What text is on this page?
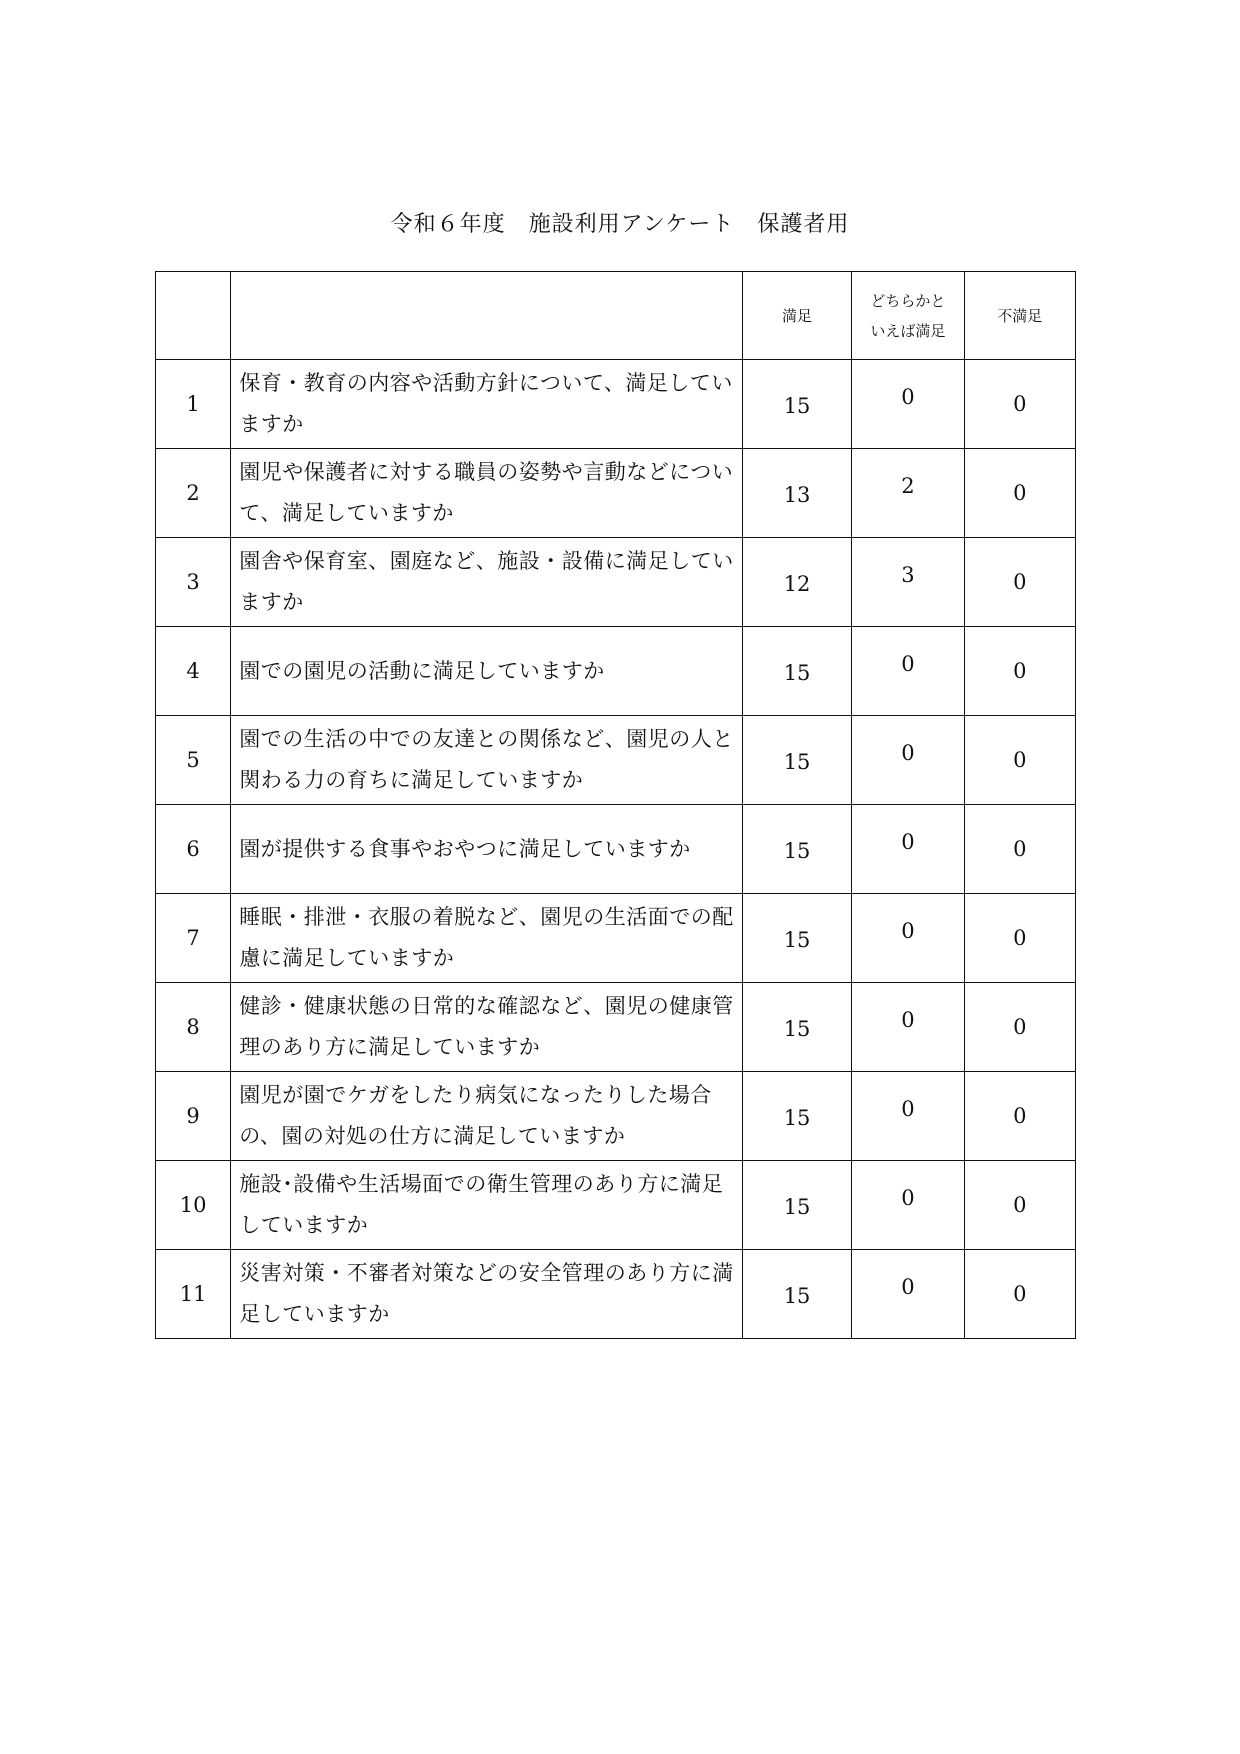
令和６年度　施設利用アンケート　保護者用
		満足	どちらかと
いえば満足	不満足
1	保育・教育の内容や活動方針について、満足していますか	15	0	0

2	園児や保護者に対する職員の姿勢や言動などについて、満足していますか	13	2	0

3	園舎や保育室、園庭など、施設・設備に満足していますか	12	3	0

4	園での園児の活動に満足していますか	15	0	0

5	園での生活の中での友達との関係など、園児の人と関わる力の育ちに満足していますか	15	0	0

6	園が提供する食事やおやつに満足していますか	15	0	0

7	睡眠・排泄・衣服の着脱など、園児の生活面での配慮に満足していますか	15	0	0

8	健診・健康状態の日常的な確認など、園児の健康管理のあり方に満足していますか	15	0	0

9	園児が園でケガをしたり病気になったりした場合の、園の対処の仕方に満足していますか	15	0	0

10	施設･設備や生活場面での衛生管理のあり方に満足していますか	15	0	0

11	災害対策・不審者対策などの安全管理のあり方に満足していますか	15	0	0
